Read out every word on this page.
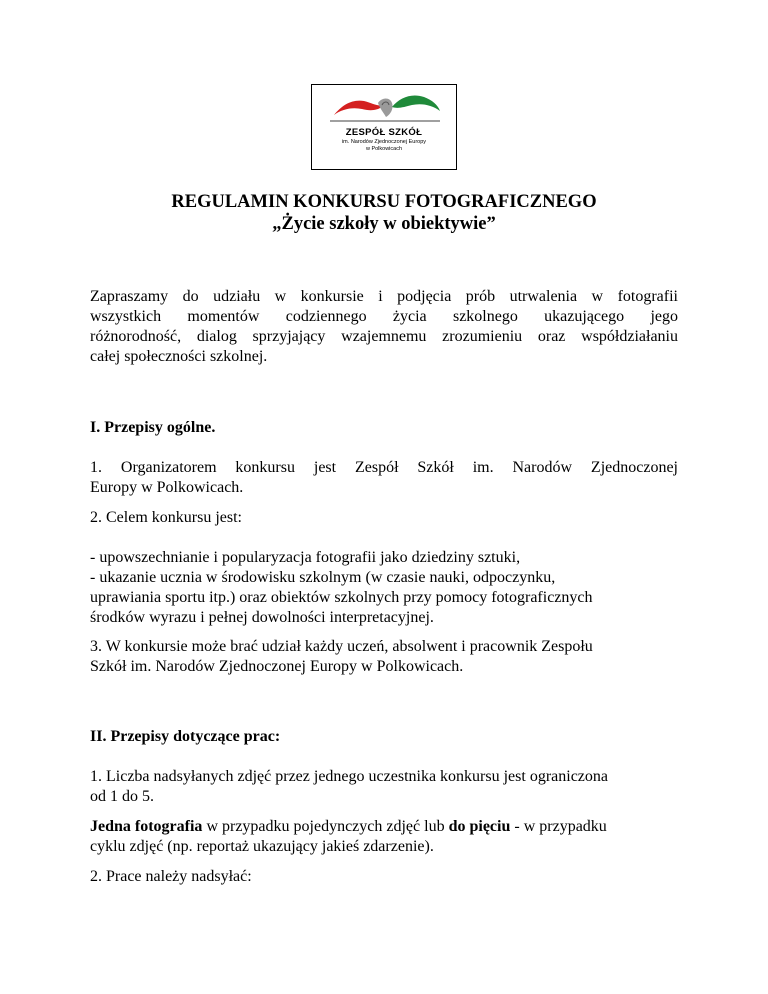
ZESPÓŁ SZKÓŁ
im. Narodów Zjednoczonej Europy
w Polkowicach
REGULAMIN KONKURSU FOTOGRAFICZNEGO
„Życie szkoły w obiektywie”
Zapraszamy do udziału w konkursie i podjęcia prób utrwalenia w fotografii
wszystkich momentów codziennego życia szkolnego ukazującego jego
różnorodność, dialog sprzyjający wzajemnemu zrozumieniu oraz współdziałaniu
całej społeczności szkolnej.
I. Przepisy ogólne.
1. Organizatorem konkursu jest Zespół Szkół im. Narodów Zjednoczonej
Europy w Polkowicach.
2. Celem konkursu jest:
- upowszechnianie i popularyzacja fotografii jako dziedziny sztuki,
- ukazanie ucznia w środowisku szkolnym (w czasie nauki, odpoczynku,
uprawiania sportu itp.) oraz obiektów szkolnych przy pomocy fotograficznych
środków wyrazu i pełnej dowolności interpretacyjnej.
3. W konkursie może brać udział każdy uczeń, absolwent i pracownik Zespołu
Szkół im. Narodów Zjednoczonej Europy w Polkowicach.
II. Przepisy dotyczące prac:
1. Liczba nadsyłanych zdjęć przez jednego uczestnika konkursu jest ograniczona
od 1 do 5.
Jedna fotografia w przypadku pojedynczych zdjęć lub do pięciu - w przypadku
cyklu zdjęć (np. reportaż ukazujący jakieś zdarzenie).
2. Prace należy nadsyłać:
